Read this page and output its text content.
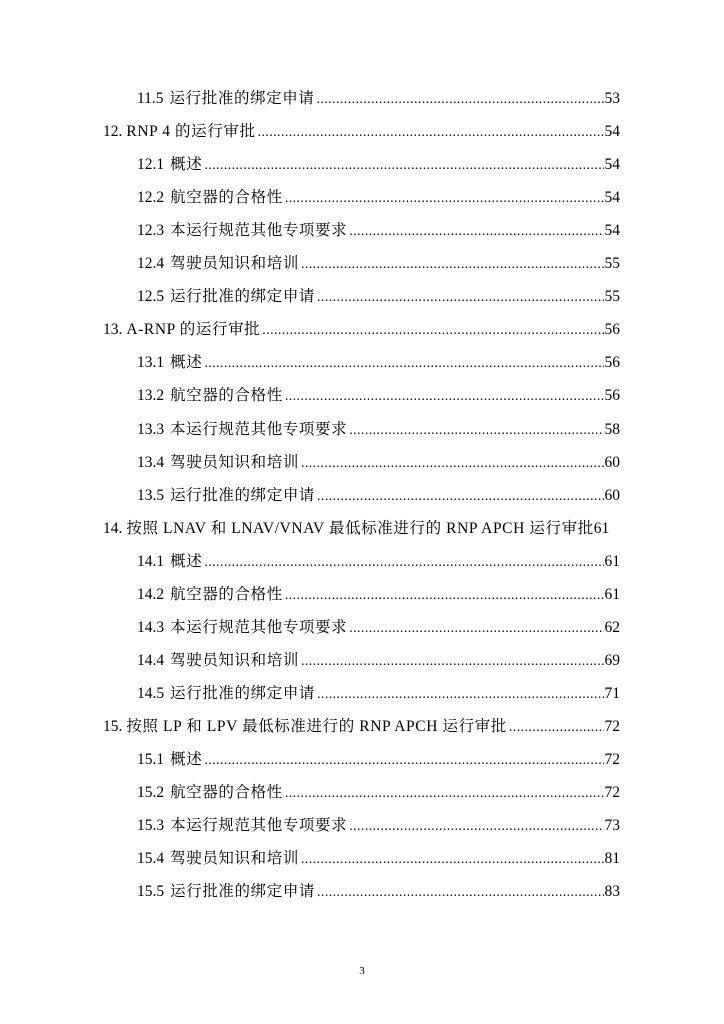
11.5 运行批准的绑定申请 .....	53
12. RNP 4 的运行审批 .....	54
12.1 概述 .....	54
12.2 航空器的合格性 .....	54
12.3 本运行规范其他专项要求 .....	54
12.4 驾驶员知识和培训 .....	55
12.5 运行批准的绑定申请 .....	55
13. A-RNP 的运行审批 .....	56
13.1 概述 .....	56
13.2 航空器的合格性 .....	56
13.3 本运行规范其他专项要求 .....	58
13.4 驾驶员知识和培训 .....	60
13.5 运行批准的绑定申请 .....	60
14. 按照 LNAV 和 LNAV/VNAV 最低标准进行的 RNP APCH 运行审批 61
14.1 概述 .....	61
14.2 航空器的合格性 .....	61
14.3 本运行规范其他专项要求 .....	62
14.4 驾驶员知识和培训 .....	69
14.5 运行批准的绑定申请 .....	71
15. 按照 LP 和 LPV 最低标准进行的 RNP APCH 运行审批 .....	72
15.1 概述 .....	72
15.2 航空器的合格性 .....	72
15.3 本运行规范其他专项要求 .....	73
15.4 驾驶员知识和培训 .....	81
15.5 运行批准的绑定申请 .....	83
3
